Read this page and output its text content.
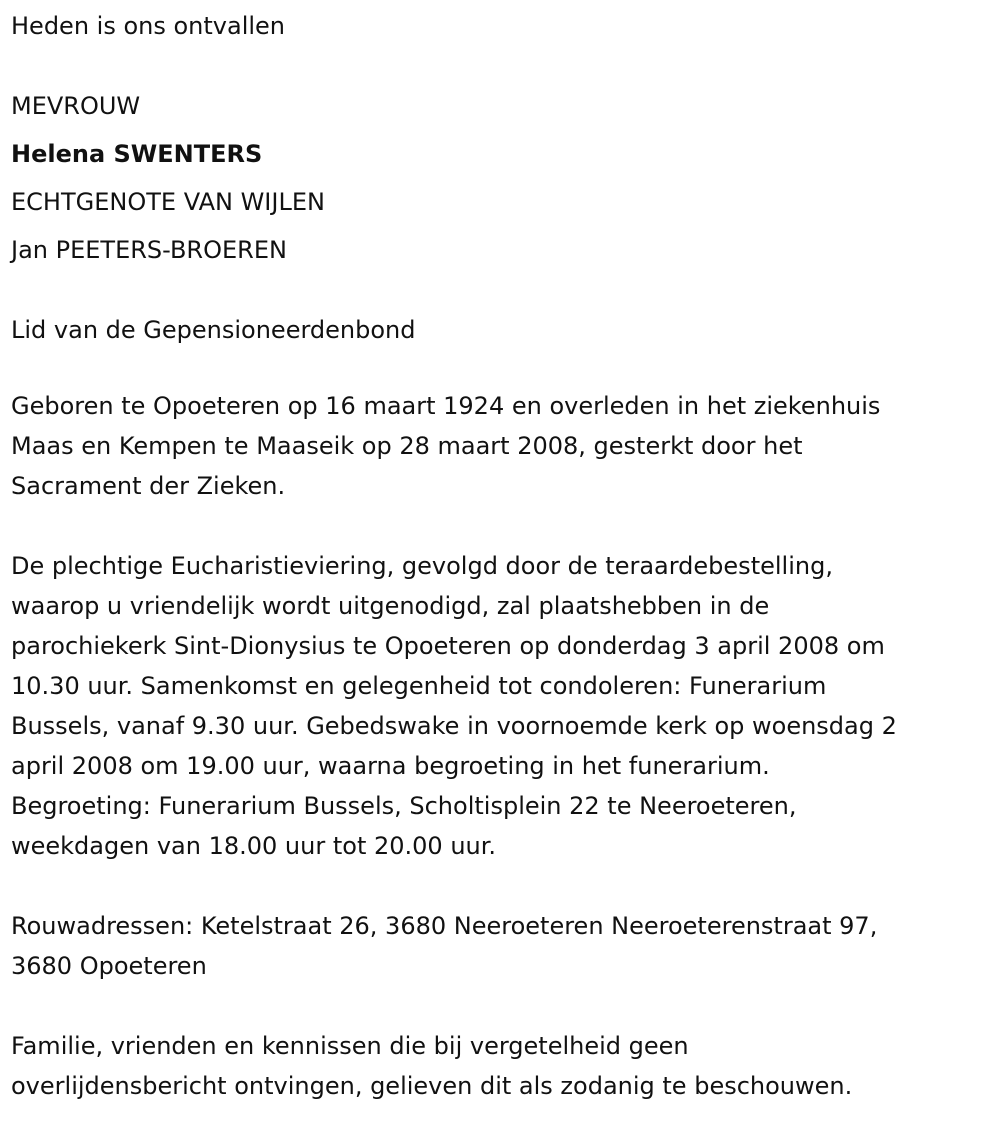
Heden is ons ontvallen

MEVROUW

Helena SWENTERS

ECHTGENOTE VAN WIJLEN

Jan PEETERS-BROEREN

Lid van de Gepensioneerdenbond

Geboren te Opoeteren op 16 maart 1924 en overleden in het ziekenhuis

Maas en Kempen te Maaseik op 28 maart 2008, gesterkt door het

Sacrament der Zieken.

De plechtige Eucharistieviering, gevolgd door de teraardebestelling,

waarop u vriendelijk wordt uitgenodigd, zal plaatshebben in de

parochiekerk Sint-Dionysius te Opoeteren op donderdag 3 april 2008 om

10.30 uur. Samenkomst en gelegenheid tot condoleren: Funerarium

Bussels, vanaf 9.30 uur. Gebedswake in voornoemde kerk op woensdag 2

april 2008 om 19.00 uur, waarna begroeting in het funerarium.

Begroeting: Funerarium Bussels, Scholtisplein 22 te Neeroeteren,

weekdagen van 18.00 uur tot 20.00 uur.

Rouwadressen: Ketelstraat 26, 3680 Neeroeteren Neeroeterenstraat 97,

3680 Opoeteren

Familie, vrienden en kennissen die bij vergetelheid geen

overlijdensbericht ontvingen, gelieven dit als zodanig te beschouwen.
